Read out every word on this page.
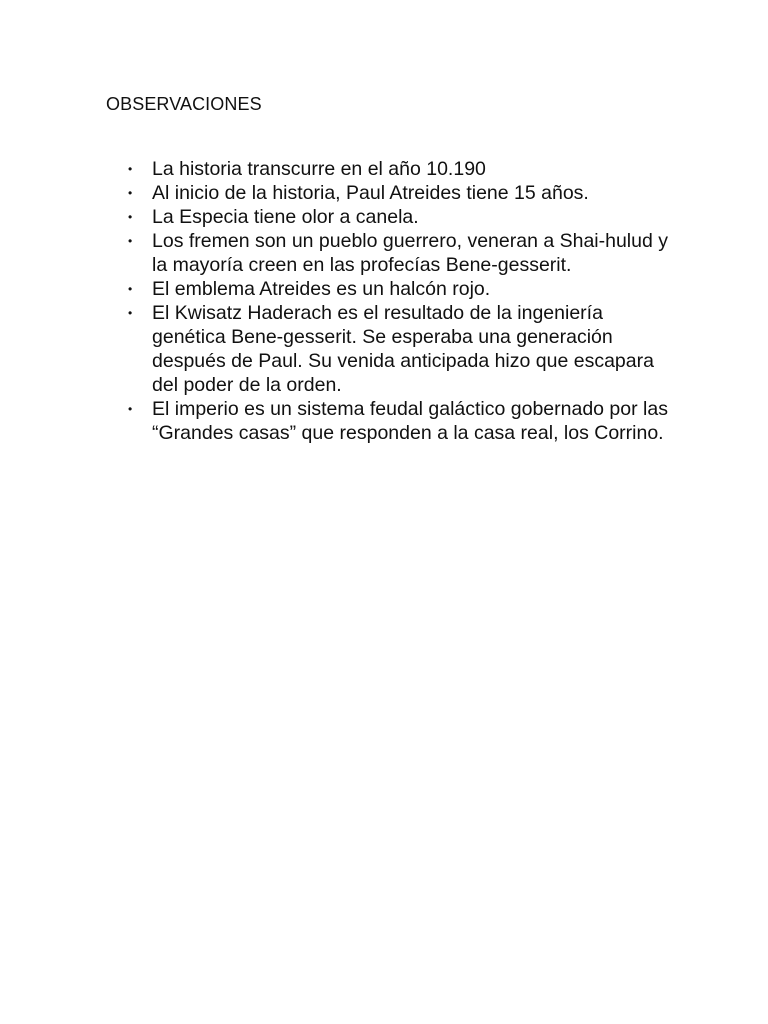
OBSERVACIONES
• La historia transcurre en el año 10.190
• Al inicio de la historia, Paul Atreides tiene 15 años.
• La Especia tiene olor a canela.
• Los fremen son un pueblo guerrero, veneran a Shai-hulud y la mayoría creen en las profecías Bene-gesserit.
• El emblema Atreides es un halcón rojo.
• El Kwisatz Haderach es el resultado de la ingeniería genética Bene-gesserit. Se esperaba una generación después de Paul. Su venida anticipada hizo que escapara del poder de la orden.
• El imperio es un sistema feudal galáctico gobernado por las “Grandes casas” que responden a la casa real, los Corrino.
